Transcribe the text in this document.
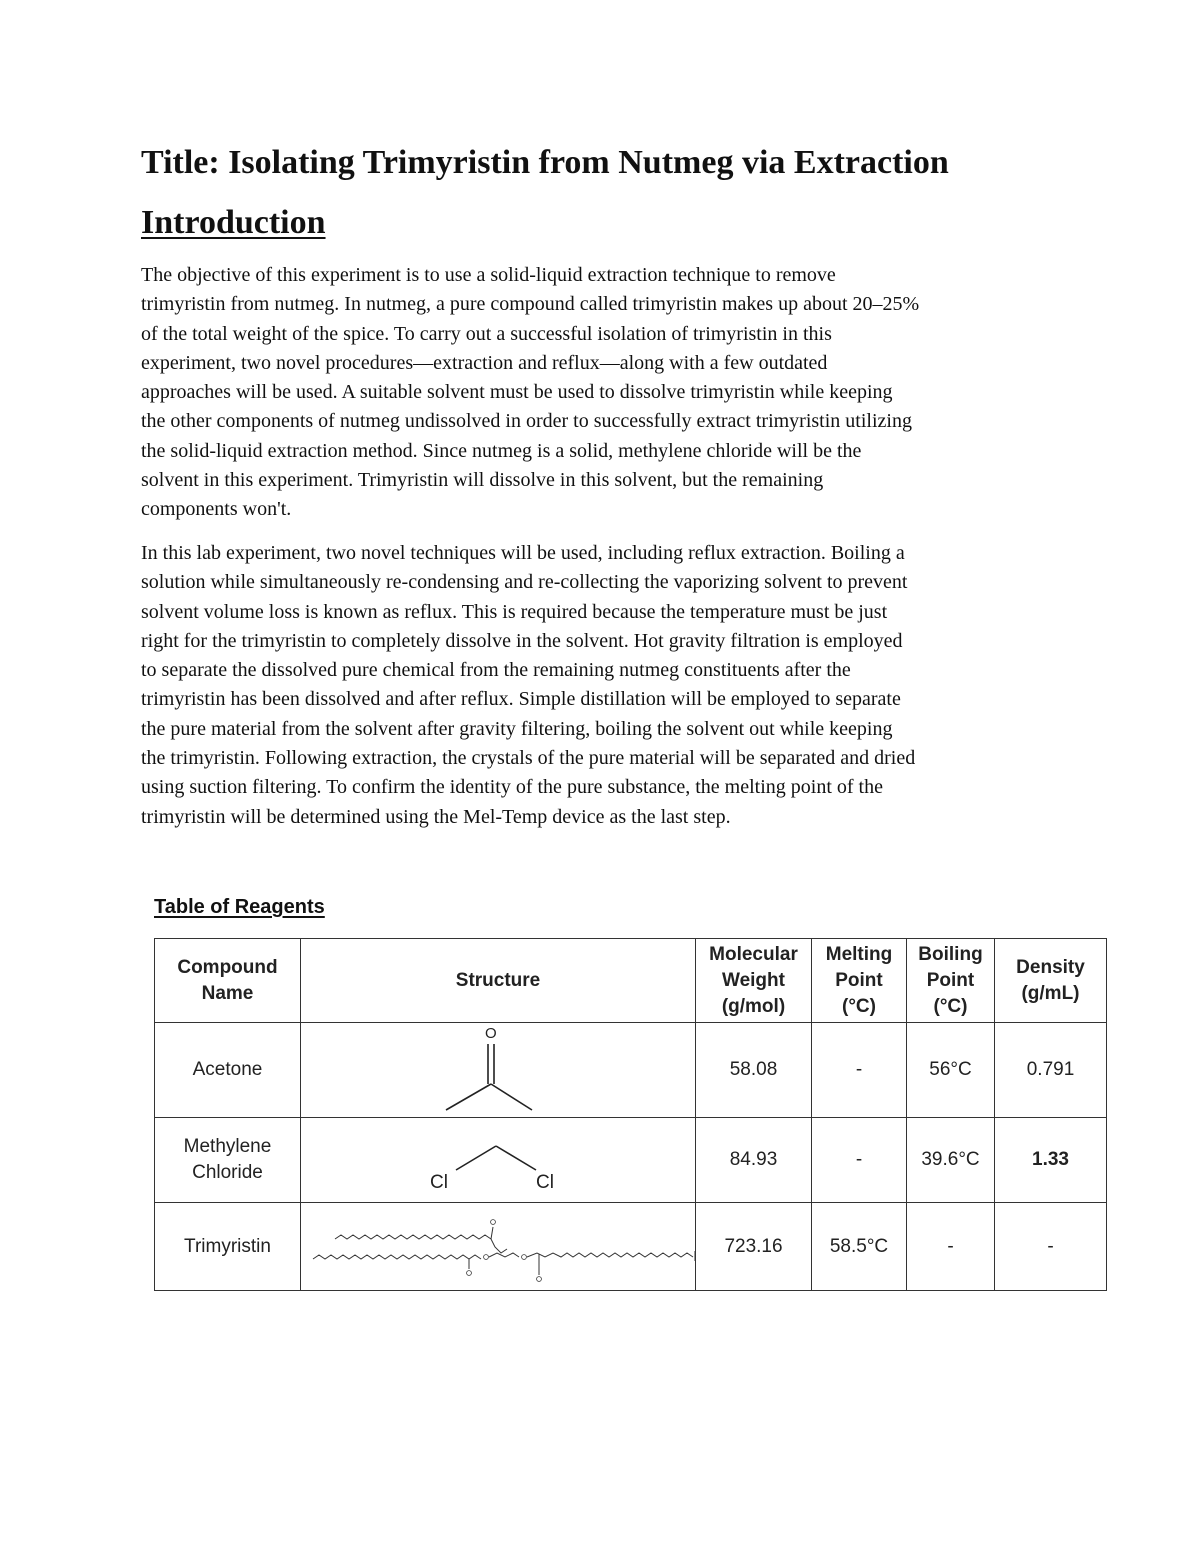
Title: Isolating Trimyristin from Nutmeg via Extraction
Introduction

The objective of this experiment is to use a solid-liquid extraction technique to remove
trimyristin from nutmeg. In nutmeg, a pure compound called trimyristin makes up about 20–25%
of the total weight of the spice. To carry out a successful isolation of trimyristin in this
experiment, two novel procedures—extraction and reflux—along with a few outdated
approaches will be used. A suitable solvent must be used to dissolve trimyristin while keeping
the other components of nutmeg undissolved in order to successfully extract trimyristin utilizing
the solid-liquid extraction method. Since nutmeg is a solid, methylene chloride will be the
solvent in this experiment. Trimyristin will dissolve in this solvent, but the remaining
components won't.

In this lab experiment, two novel techniques will be used, including reflux extraction. Boiling a
solution while simultaneously re-condensing and re-collecting the vaporizing solvent to prevent
solvent volume loss is known as reflux. This is required because the temperature must be just
right for the trimyristin to completely dissolve in the solvent. Hot gravity filtration is employed
to separate the dissolved pure chemical from the remaining nutmeg constituents after the
trimyristin has been dissolved and after reflux. Simple distillation will be employed to separate
the pure material from the solvent after gravity filtering, boiling the solvent out while keeping
the trimyristin. Following extraction, the crystals of the pure material will be separated and dried
using suction filtering. To confirm the identity of the pure substance, the melting point of the
trimyristin will be determined using the Mel-Temp device as the last step.

Table of Reagents
Compound
Name	Structure	Molecular
Weight
(g/mol)	Melting
Point
(°C)	Boiling
Point
(°C)	Density
(g/mL)
Acetone	O	58.08	-	56°C	0.791
Methylene
Chloride	Cl Cl	84.93	-	39.6°C	1.33
Trimyristin		723.16	58.5°C	-	-
